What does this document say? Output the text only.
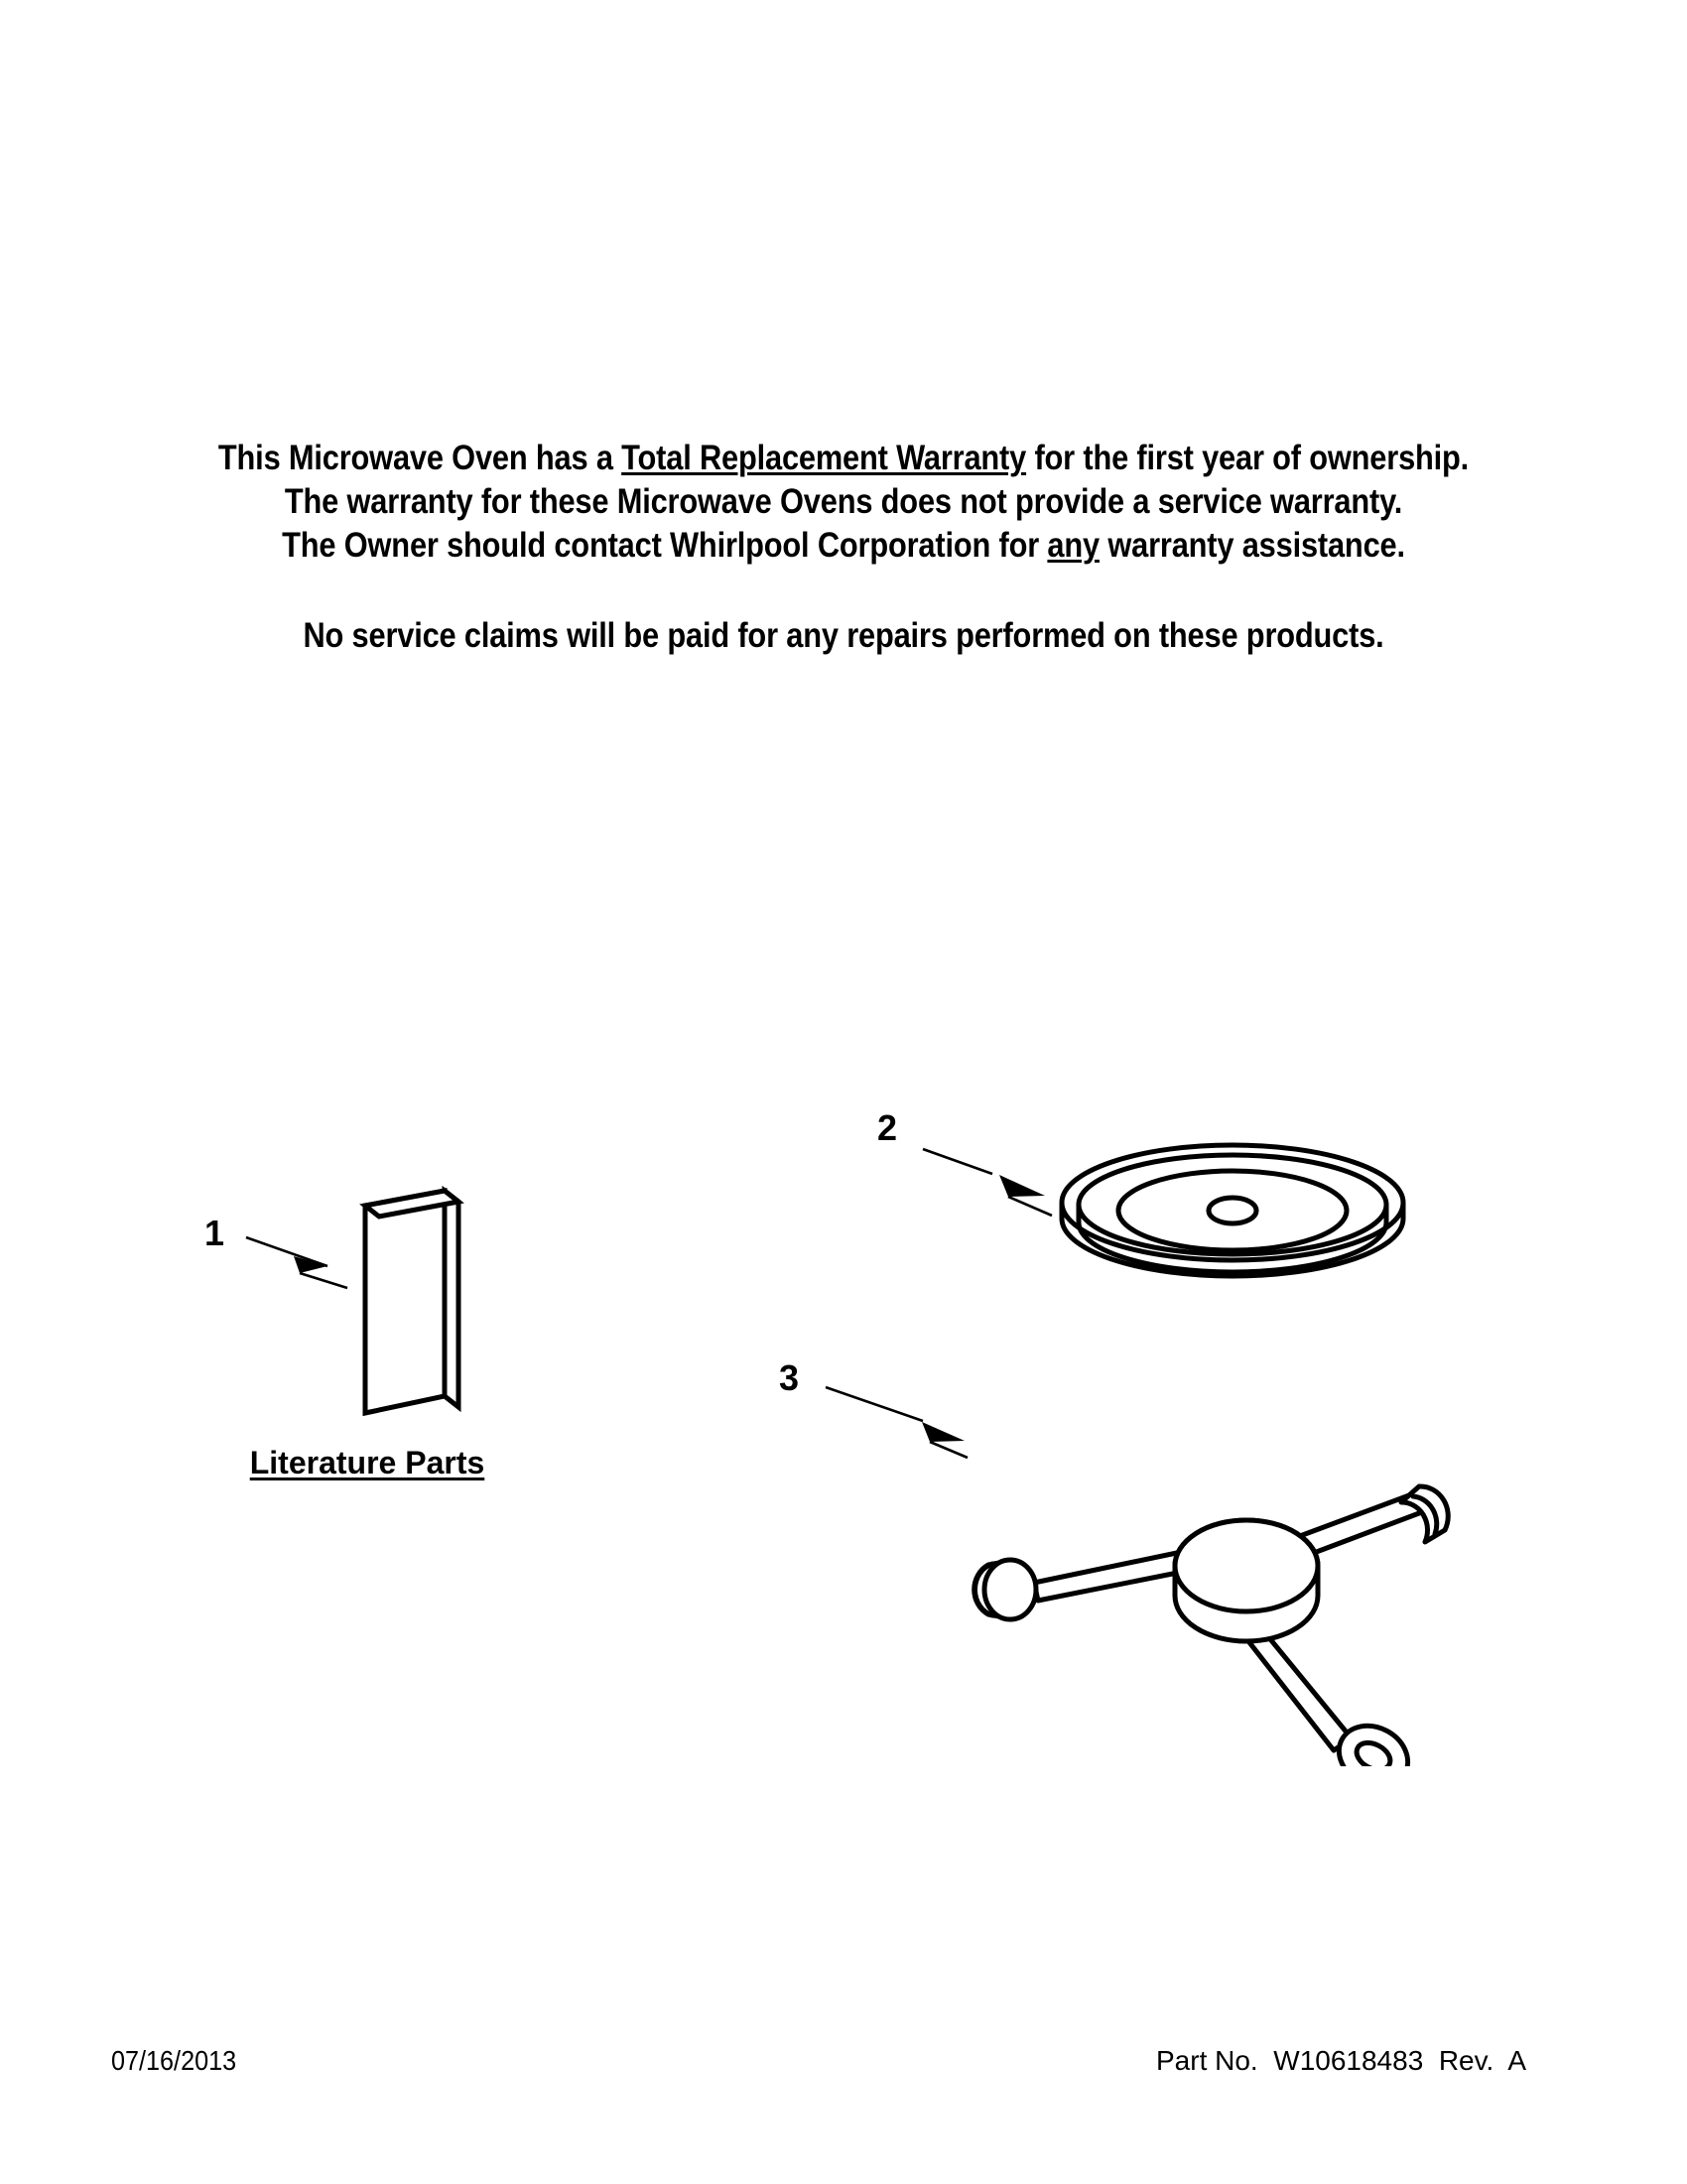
This Microwave Oven has a Total Replacement Warranty for the first year of ownership.
The warranty for these Microwave Ovens does not provide a service warranty.
The Owner should contact Whirlpool Corporation for any warranty assistance.
No service claims will be paid for any repairs performed on these products.
1
2
3
Literature Parts
07/16/2013	Part No.  W10618483  Rev.  A
